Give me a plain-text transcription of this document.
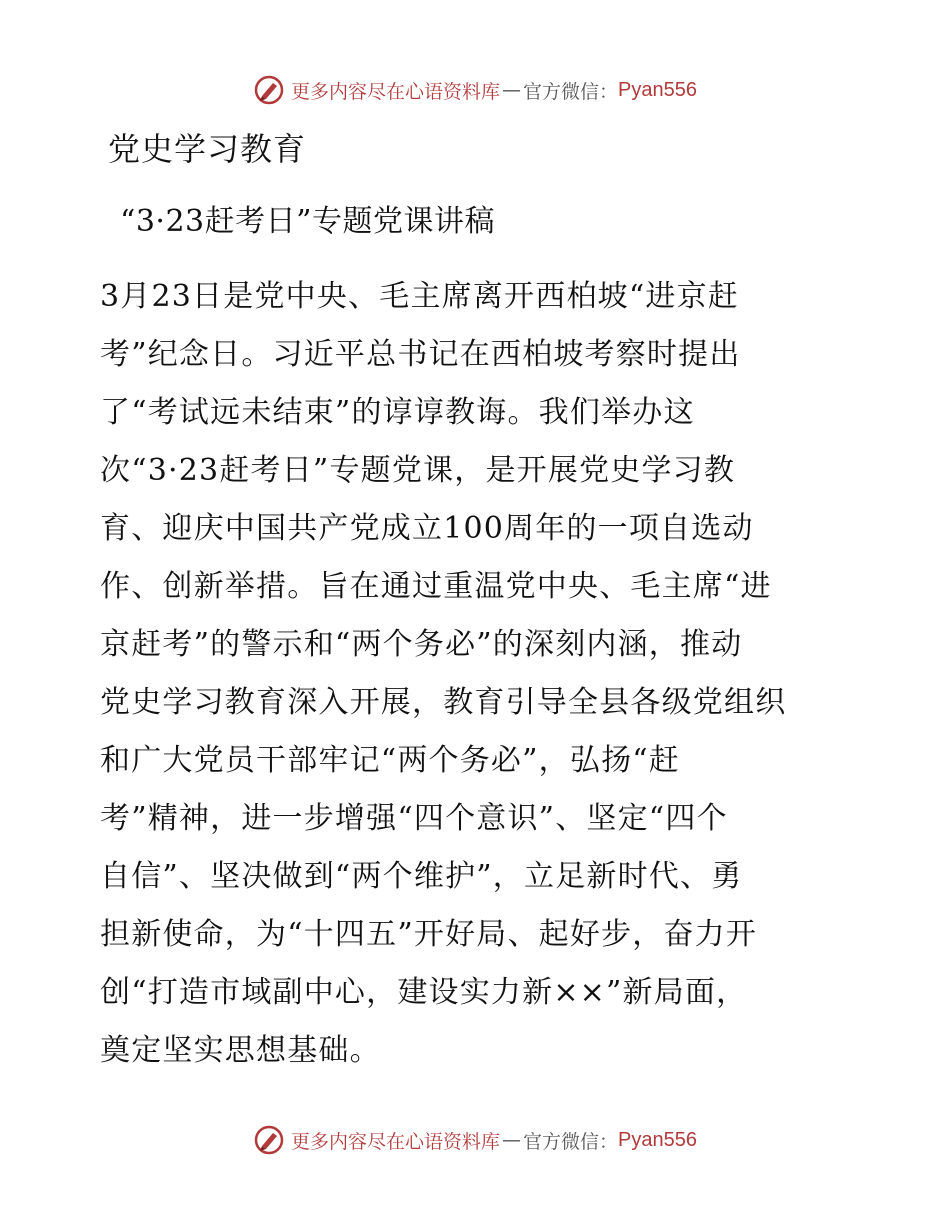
更多内容尽在心语资料库 — 官方微信： Pyan556
党史学习教育
“3·23赶考日”专题党课讲稿
3月23日是党中央、毛主席离开西柏坡“进京赶
考”纪念日。习近平总书记在西柏坡考察时提出
了“考试远未结束”的谆谆教诲。我们举办这
次“3·23赶考日”专题党课，是开展党史学习教
育、迎庆中国共产党成立100周年的一项自选动
作、创新举措。旨在通过重温党中央、毛主席“进
京赶考”的警示和“两个务必”的深刻内涵，推动
党史学习教育深入开展，教育引导全县各级党组织
和广大党员干部牢记“两个务必”，弘扬“赶
考”精神，进一步增强“四个意识”、坚定“四个
自信”、坚决做到“两个维护”，立足新时代、勇
担新使命，为“十四五”开好局、起好步，奋力开
创“打造市域副中心，建设实力新××”新局面，
奠定坚实思想基础。
更多内容尽在心语资料库 — 官方微信： Pyan556
